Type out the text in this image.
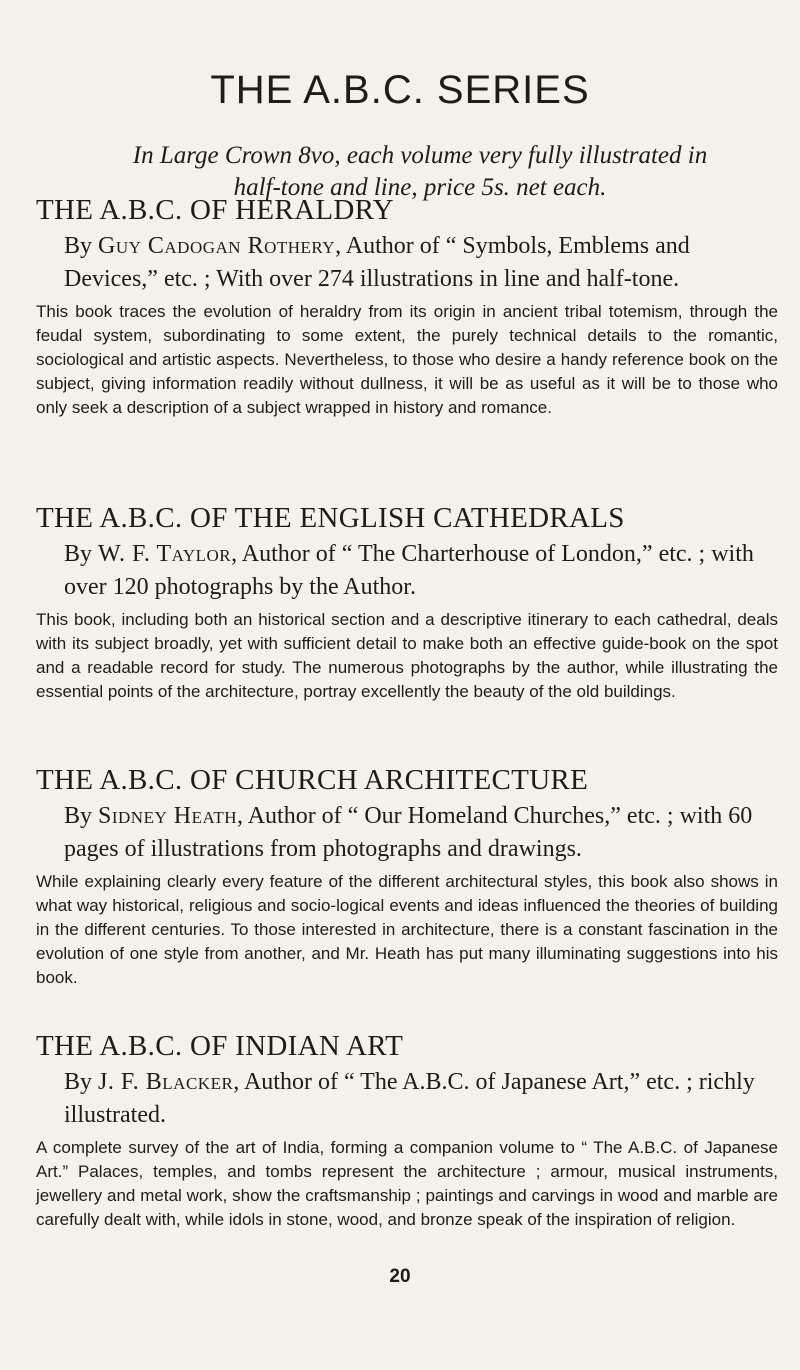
THE A.B.C. SERIES

In Large Crown 8vo, each volume very fully illustrated in half-tone and line, price 5s. net each.

THE A.B.C. OF HERALDRY

By Guy Cadogan Rothery, Author of “ Symbols, Emblems and Devices,” etc. ; With over 274 illustrations in line and half-tone.

This book traces the evolution of heraldry from its origin in ancient tribal totemism, through the feudal system, subordinating to some extent, the purely technical details to the romantic, sociological and artistic aspects. Nevertheless, to those who desire a handy reference book on the subject, giving information readily without dullness, it will be as useful as it will be to those who only seek a description of a subject wrapped in history and romance.

THE A.B.C. OF THE ENGLISH CATHEDRALS

By W. F. Taylor, Author of “ The Charterhouse of London,” etc. ; with over 120 photographs by the Author.

This book, including both an historical section and a descriptive itinerary to each cathedral, deals with its subject broadly, yet with sufficient detail to make both an effective guide-book on the spot and a readable record for study. The numerous photographs by the author, while illustrating the essential points of the architecture, portray excellently the beauty of the old buildings.

THE A.B.C. OF CHURCH ARCHITECTURE

By Sidney Heath, Author of “ Our Homeland Churches,” etc. ; with 60 pages of illustrations from photographs and drawings.

While explaining clearly every feature of the different architectural styles, this book also shows in what way historical, religious and socio-logical events and ideas influenced the theories of building in the different centuries. To those interested in architecture, there is a constant fascination in the evolution of one style from another, and Mr. Heath has put many illuminating suggestions into his book.

THE A.B.C. OF INDIAN ART

By J. F. Blacker, Author of “ The A.B.C. of Japanese Art,” etc. ; richly illustrated.

A complete survey of the art of India, forming a companion volume to “ The A.B.C. of Japanese Art.” Palaces, temples, and tombs represent the architecture ; armour, musical instruments, jewellery and metal work, show the craftsmanship ; paintings and carvings in wood and marble are carefully dealt with, while idols in stone, wood, and bronze speak of the inspiration of religion.

20
